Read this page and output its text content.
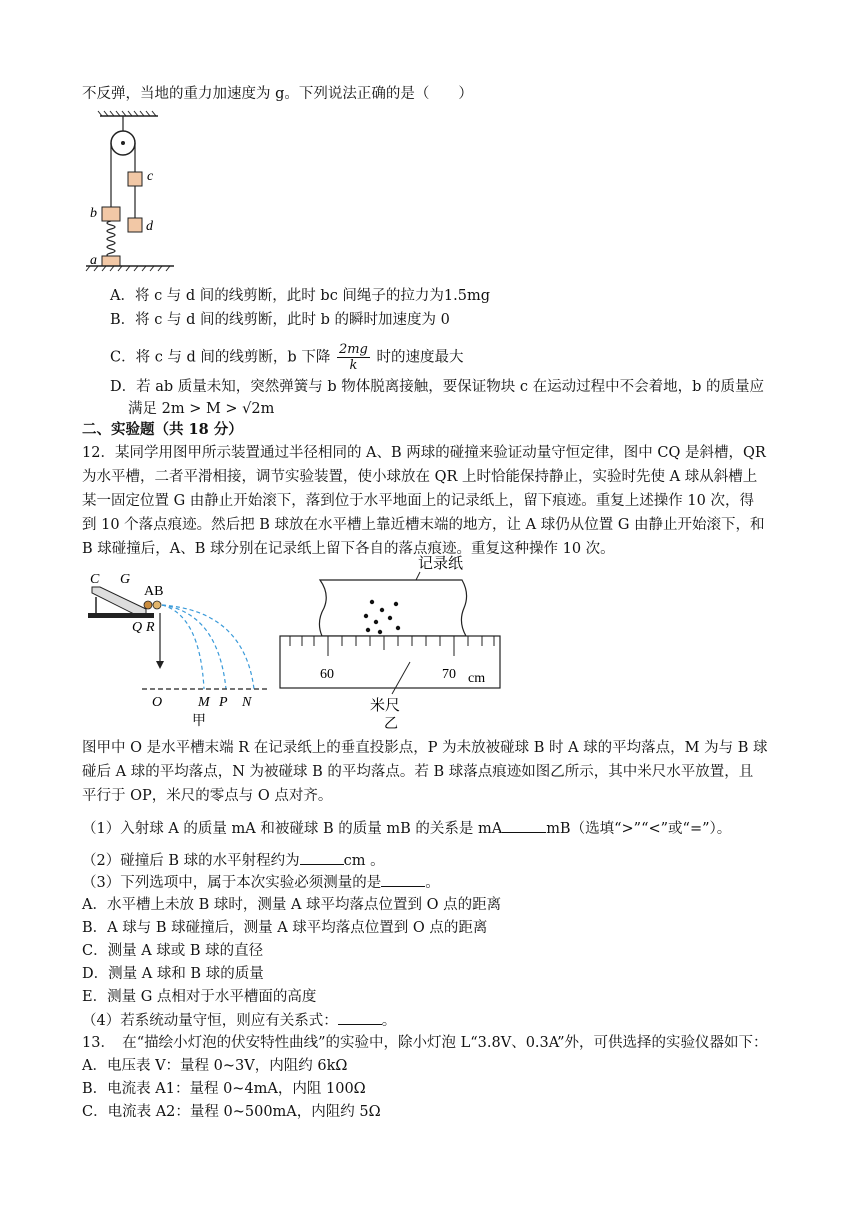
不反弹，当地的重力加速度为 g。下列说法正确的是（　　）
c
d
b
a
A．将 c 与 d 间的线剪断，此时 bc 间绳子的拉力为1.5mg
B．将 c 与 d 间的线剪断，此时 b 的瞬时加速度为 0
C．将 c 与 d 间的线剪断，b 下降 $\frac{2mg}{k}$ 时的速度最大
D．若 ab 质量未知，突然弹簧与 b 物体脱离接触，要保证物块 c 在运动过程中不会着地，b 的质量应
满足 2m > M > √2m
二、实验题（共 18 分）
12．某同学用图甲所示装置通过半径相同的 A、B 两球的碰撞来验证动量守恒定律，图中 CQ 是斜槽，QR
为水平槽，二者平滑相接，调节实验装置，使小球放在 QR 上时恰能保持静止，实验时先使 A 球从斜槽上
某一固定位置 G 由静止开始滚下，落到位于水平地面上的记录纸上，留下痕迹。重复上述操作 10 次，得
到 10 个落点痕迹。然后把 B 球放在水平槽上靠近槽末端的地方，让 A 球仍从位置 G 由静止开始滚下，和
B 球碰撞后，A、B 球分别在记录纸上留下各自的落点痕迹。重复这种操作 10 次。
C G
AB
Q R
O	M P N
甲
记录纸
60	70 cm
米尺
乙
图甲中 O 是水平槽末端 R 在记录纸上的垂直投影点，P 为未放被碰球 B 时 A 球的平均落点，M 为与 B 球
碰后 A 球的平均落点，N 为被碰球 B 的平均落点。若 B 球落点痕迹如图乙所示，其中米尺水平放置，且
平行于 OP，米尺的零点与 O 点对齐。
（1）入射球 A 的质量 mA 和被碰球 B 的质量 mB 的关系是 mA	mB（选填“>”“<”或“=”）。
（2）碰撞后 B 球的水平射程约为	cm 。
（3）下列选项中，属于本次实验必须测量的是	。
A．水平槽上未放 B 球时，测量 A 球平均落点位置到 O 点的距离
B．A 球与 B 球碰撞后，测量 A 球平均落点位置到 O 点的距离
C．测量 A 球或 B 球的直径
D．测量 A 球和 B 球的质量
E．测量 G 点相对于水平槽面的高度
（4）若系统动量守恒，则应有关系式：	。
13．　在“描绘小灯泡的伏安特性曲线”的实验中，除小灯泡 L“3.8V、0.3A”外，可供选择的实验仪器如下：
A．电压表 V：量程 0~3V，内阻约 6kΩ
B．电流表 A1：量程 0~4mA，内阻 100Ω
C．电流表 A2：量程 0~500mA，内阻约 5Ω
